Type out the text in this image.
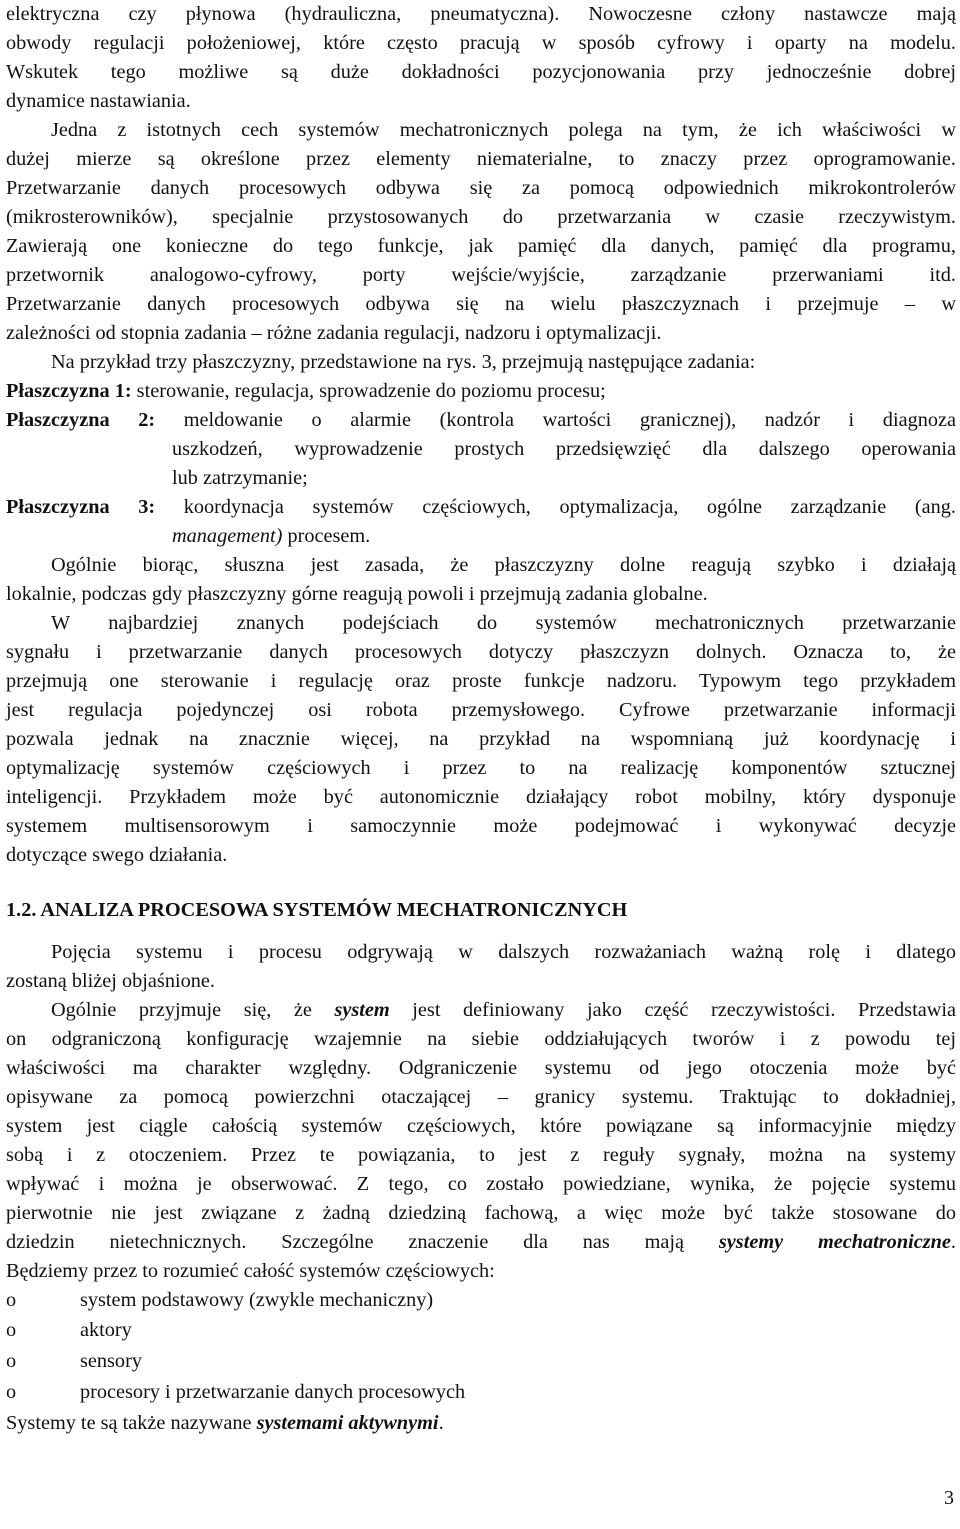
elektryczna czy płynowa (hydrauliczna, pneumatyczna). Nowoczesne człony nastawcze mają
obwody regulacji położeniowej, które często pracują w sposób cyfrowy i oparty na modelu.
Wskutek tego możliwe są duże dokładności pozycjonowania przy jednocześnie dobrej
dynamice nastawiania.
Jedna z istotnych cech systemów mechatronicznych polega na tym, że ich właściwości w
dużej mierze są określone przez elementy niematerialne, to znaczy przez oprogramowanie.
Przetwarzanie danych procesowych odbywa się za pomocą odpowiednich mikrokontrolerów
(mikrosterowników), specjalnie przystosowanych do przetwarzania w czasie rzeczywistym.
Zawierają one konieczne do tego funkcje, jak pamięć dla danych, pamięć dla programu,
przetwornik analogowo-cyfrowy, porty wejście/wyjście, zarządzanie przerwaniami itd.
Przetwarzanie danych procesowych odbywa się na wielu płaszczyznach i przejmuje – w
zależności od stopnia zadania – różne zadania regulacji, nadzoru i optymalizacji.
Na przykład trzy płaszczyzny, przedstawione na rys. 3, przejmują następujące zadania:
Płaszczyzna 1: sterowanie, regulacja, sprowadzenie do poziomu procesu;
Płaszczyzna 2: meldowanie o alarmie (kontrola wartości granicznej), nadzór i diagnoza
uszkodzeń, wyprowadzenie prostych przedsięwzięć dla dalszego operowania
lub zatrzymanie;
Płaszczyzna 3: koordynacja systemów częściowych, optymalizacja, ogólne zarządzanie (ang.
management) procesem.
Ogólnie biorąc, słuszna jest zasada, że płaszczyzny dolne reagują szybko i działają
lokalnie, podczas gdy płaszczyzny górne reagują powoli i przejmują zadania globalne.
W najbardziej znanych podejściach do systemów mechatronicznych przetwarzanie
sygnału i przetwarzanie danych procesowych dotyczy płaszczyzn dolnych. Oznacza to, że
przejmują one sterowanie i regulację oraz proste funkcje nadzoru. Typowym tego przykładem
jest regulacja pojedynczej osi robota przemysłowego. Cyfrowe przetwarzanie informacji
pozwala jednak na znacznie więcej, na przykład na wspomnianą już koordynację i
optymalizację systemów częściowych i przez to na realizację komponentów sztucznej
inteligencji. Przykładem może być autonomicznie działający robot mobilny, który dysponuje
systemem multisensorowym i samoczynnie może podejmować i wykonywać decyzje
dotyczące swego działania.
1.2. ANALIZA PROCESOWA SYSTEMÓW MECHATRONICZNYCH
Pojęcia systemu i procesu odgrywają w dalszych rozważaniach ważną rolę i dlatego
zostaną bliżej objaśnione.
Ogólnie przyjmuje się, że system jest definiowany jako część rzeczywistości. Przedstawia
on odgraniczoną konfigurację wzajemnie na siebie oddziałujących tworów i z powodu tej
właściwości ma charakter względny. Odgraniczenie systemu od jego otoczenia może być
opisywane za pomocą powierzchni otaczającej – granicy systemu. Traktując to dokładniej,
system jest ciągle całością systemów częściowych, które powiązane są informacyjnie między
sobą i z otoczeniem. Przez te powiązania, to jest z reguły sygnały, można na systemy
wpływać i można je obserwować. Z tego, co zostało powiedziane, wynika, że pojęcie systemu
pierwotnie nie jest związane z żadną dziedziną fachową, a więc może być także stosowane do
dziedzin nietechnicznych. Szczególne znaczenie dla nas mają systemy mechatroniczne.
Będziemy przez to rozumieć całość systemów częściowych:
o	system podstawowy (zwykle mechaniczny)
o	aktory
o	sensory
o	procesory i przetwarzanie danych procesowych
Systemy te są także nazywane systemami aktywnymi.
3
